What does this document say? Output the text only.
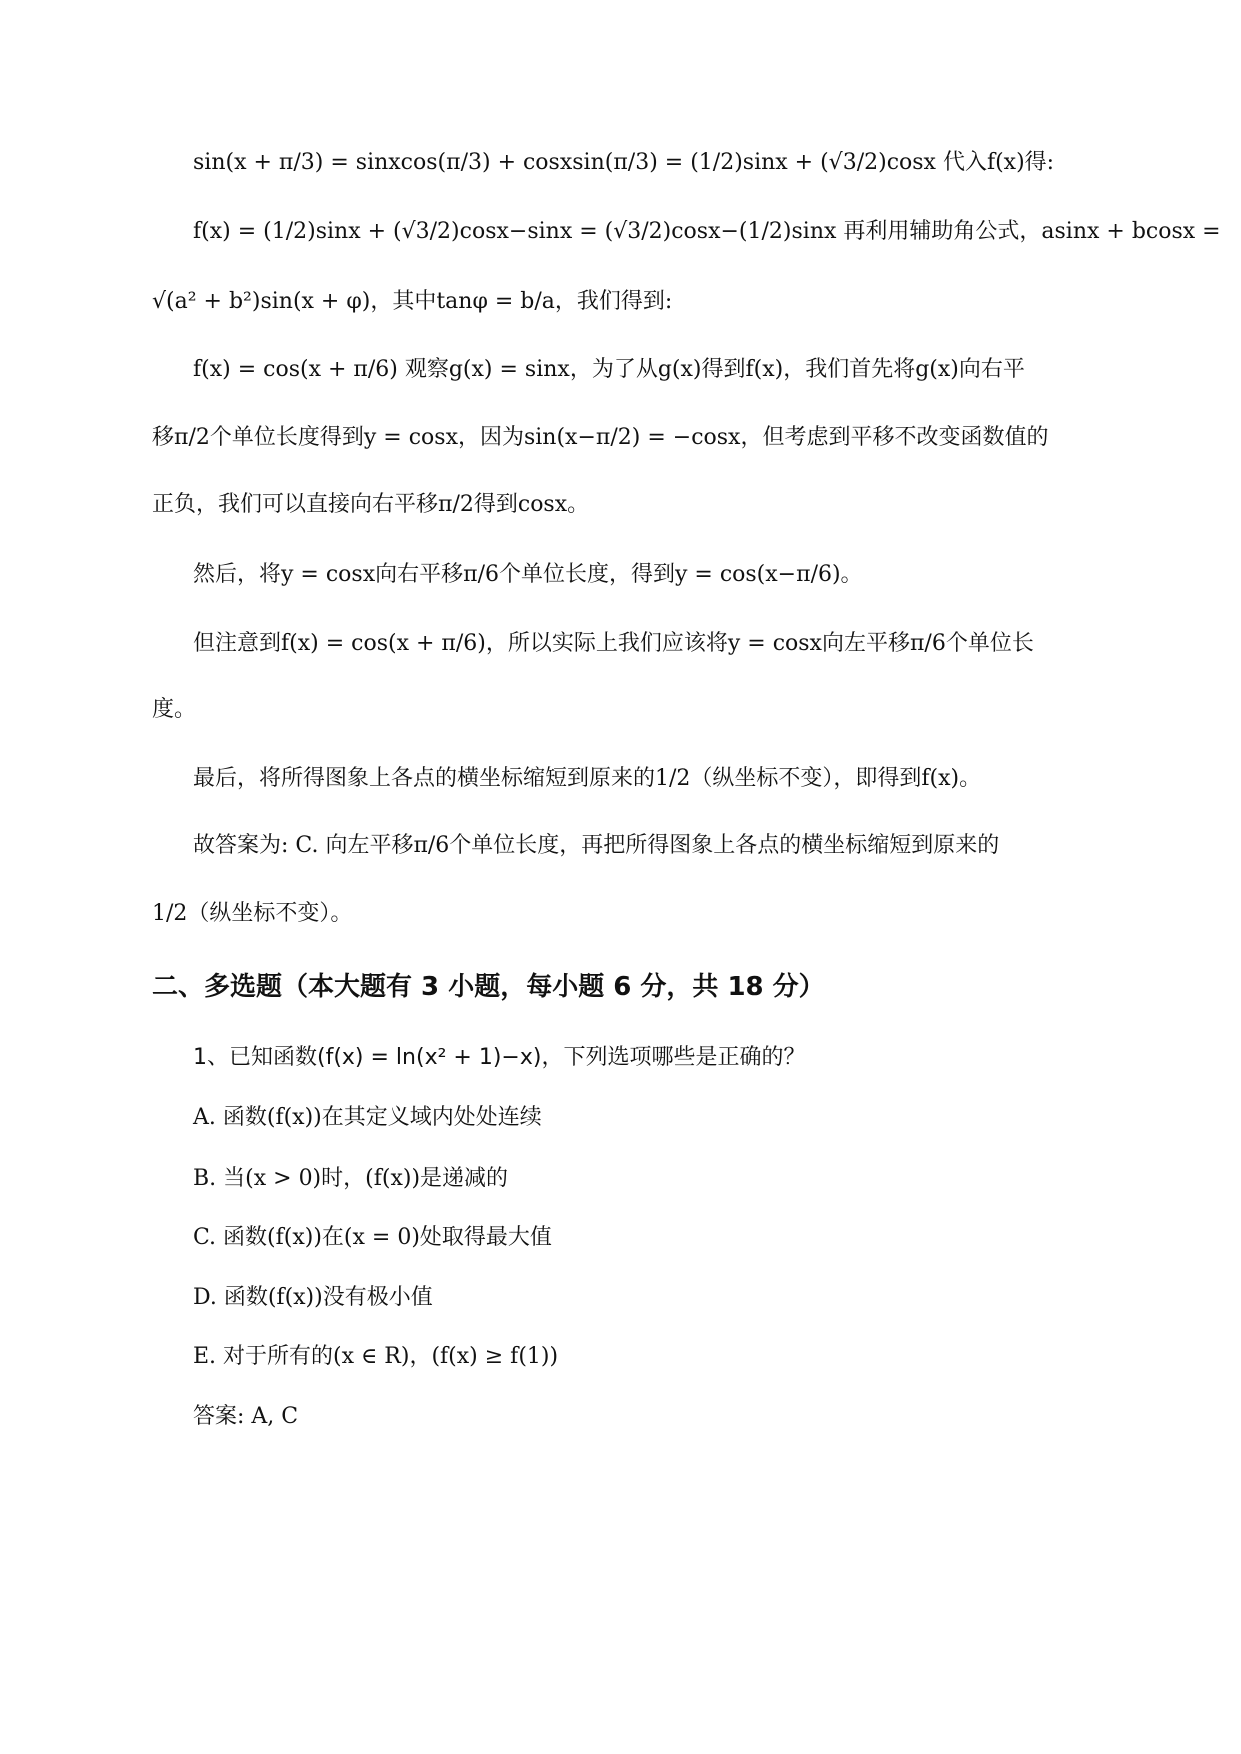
sin(x + π/3) = sinxcos(π/3) + cosxsin(π/3) = (1/2)sinx + (√3/2)cosx 代入f(x)得:
f(x) = (1/2)sinx + (√3/2)cosx−sinx = (√3/2)cosx−(1/2)sinx 再利用辅助角公式，asinx + bcosx =
√(a² + b²)sin(x + φ)，其中tanφ = b/a，我们得到:
f(x) = cos(x + π/6) 观察g(x) = sinx，为了从g(x)得到f(x)，我们首先将g(x)向右平
移π/2个单位长度得到y = cosx，因为sin(x−π/2) = −cosx，但考虑到平移不改变函数值的
正负，我们可以直接向右平移π/2得到cosx。
然后，将y = cosx向右平移π/6个单位长度，得到y = cos(x−π/6)。
但注意到f(x) = cos(x + π/6)，所以实际上我们应该将y = cosx向左平移π/6个单位长
度。
最后，将所得图象上各点的横坐标缩短到原来的1/2（纵坐标不变），即得到f(x)。
故答案为: C. 向左平移π/6个单位长度，再把所得图象上各点的横坐标缩短到原来的
1/2（纵坐标不变）。
二、多选题（本大题有 3 小题，每小题 6 分，共 18 分）
1、已知函数(f(x) = ln(x² + 1)−x)，下列选项哪些是正确的？
A. 函数(f(x))在其定义域内处处连续
B. 当(x > 0)时，(f(x))是递减的
C. 函数(f(x))在(x = 0)处取得最大值
D. 函数(f(x))没有极小值
E. 对于所有的(x ∈ R)，(f(x) ≥ f(1))
答案: A, C
